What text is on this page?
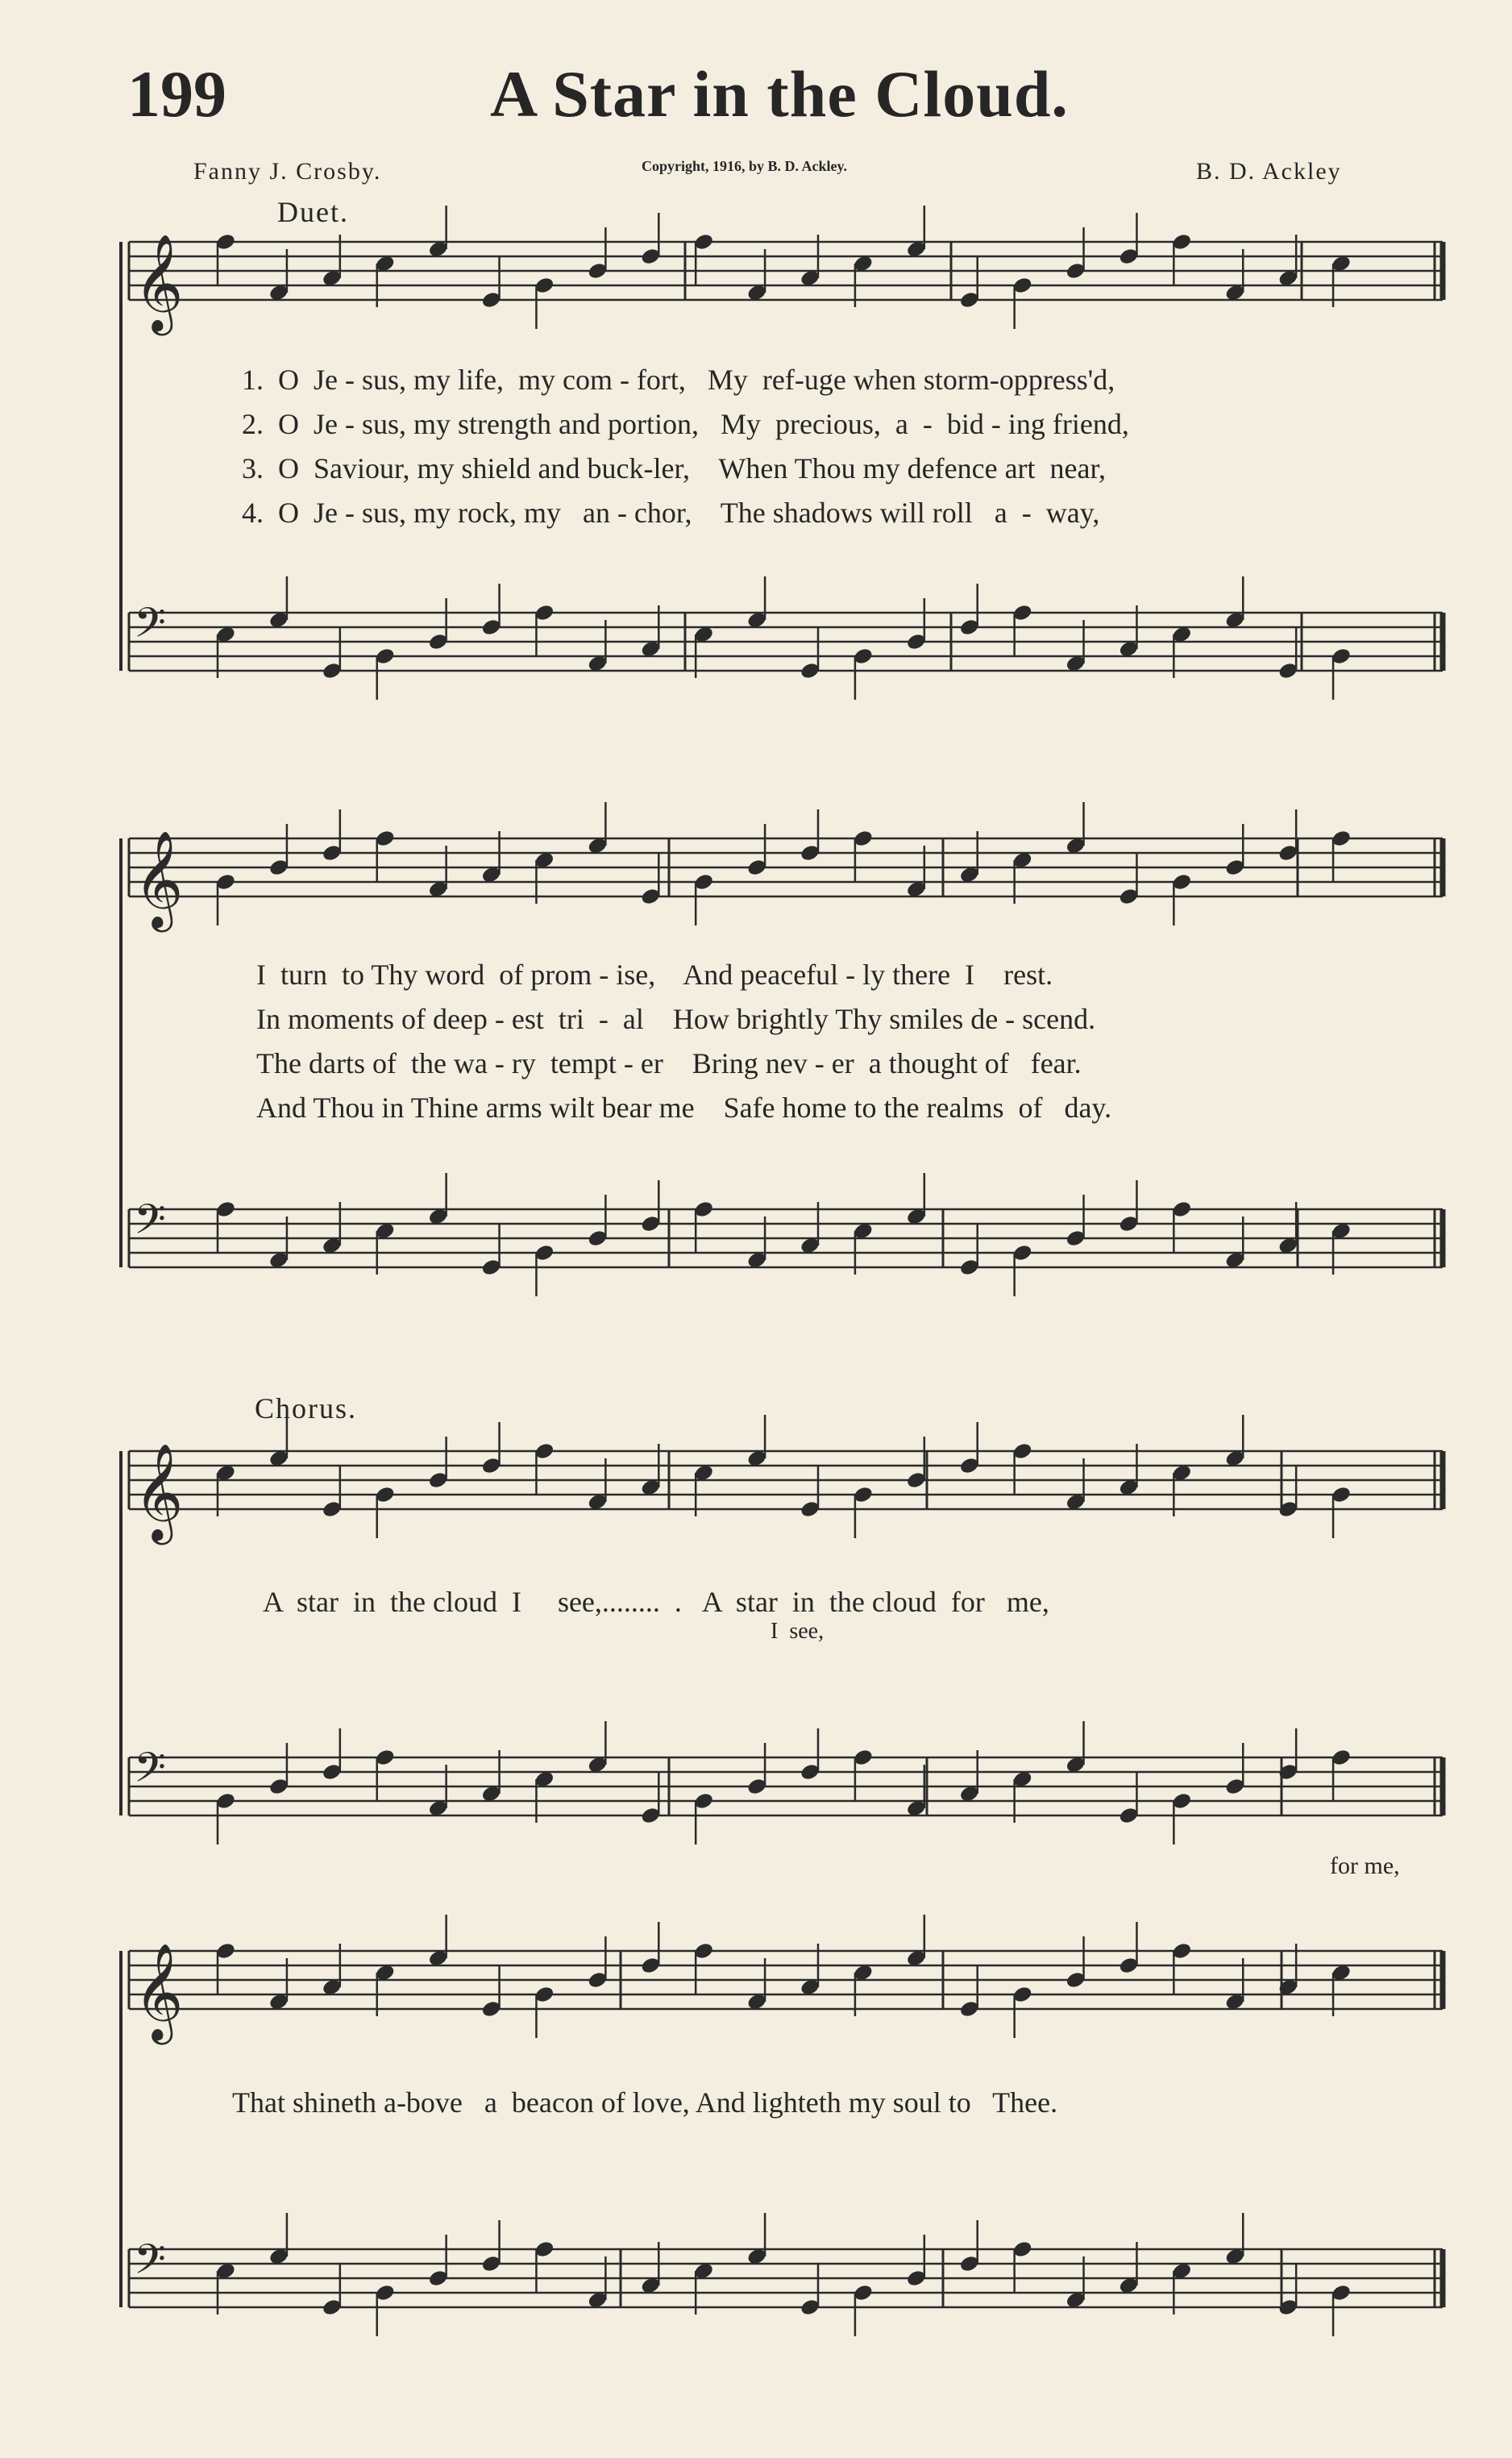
199	A Star in the Cloud.
Fanny J. Crosby.	Copyright, 1916, by B. D. Ackley.	B. D. Ackley
Duet.
𝄞
𝄢
𝄞
𝄢
𝄞
𝄢
𝄞
𝄢
1.  O  Je - sus, my life,  my com - fort,   My  ref-uge when storm-oppress'd,
2.  O  Je - sus, my strength and portion,   My  precious,  a  -  bid - ing friend,
3.  O  Saviour, my shield and buck-ler,    When Thou my defence art  near,
4.  O  Je - sus, my rock, my   an - chor,    The shadows will roll   a  -  way,
I  turn  to Thy word  of prom - ise,    And peaceful - ly there  I    rest.
In moments of deep - est  tri  -  al    How brightly Thy smiles de - scend.
The darts of  the wa - ry  tempt - er    Bring nev - er  a thought of   fear.
And Thou in Thine arms wilt bear me    Safe home to the realms  of   day.
Chorus.
A  star  in  the cloud  I     see,........  .   A  star  in  the cloud  for   me,
I  see,
for me,
That shineth a-bove   a  beacon of love, And lighteth my soul to   Thee.
